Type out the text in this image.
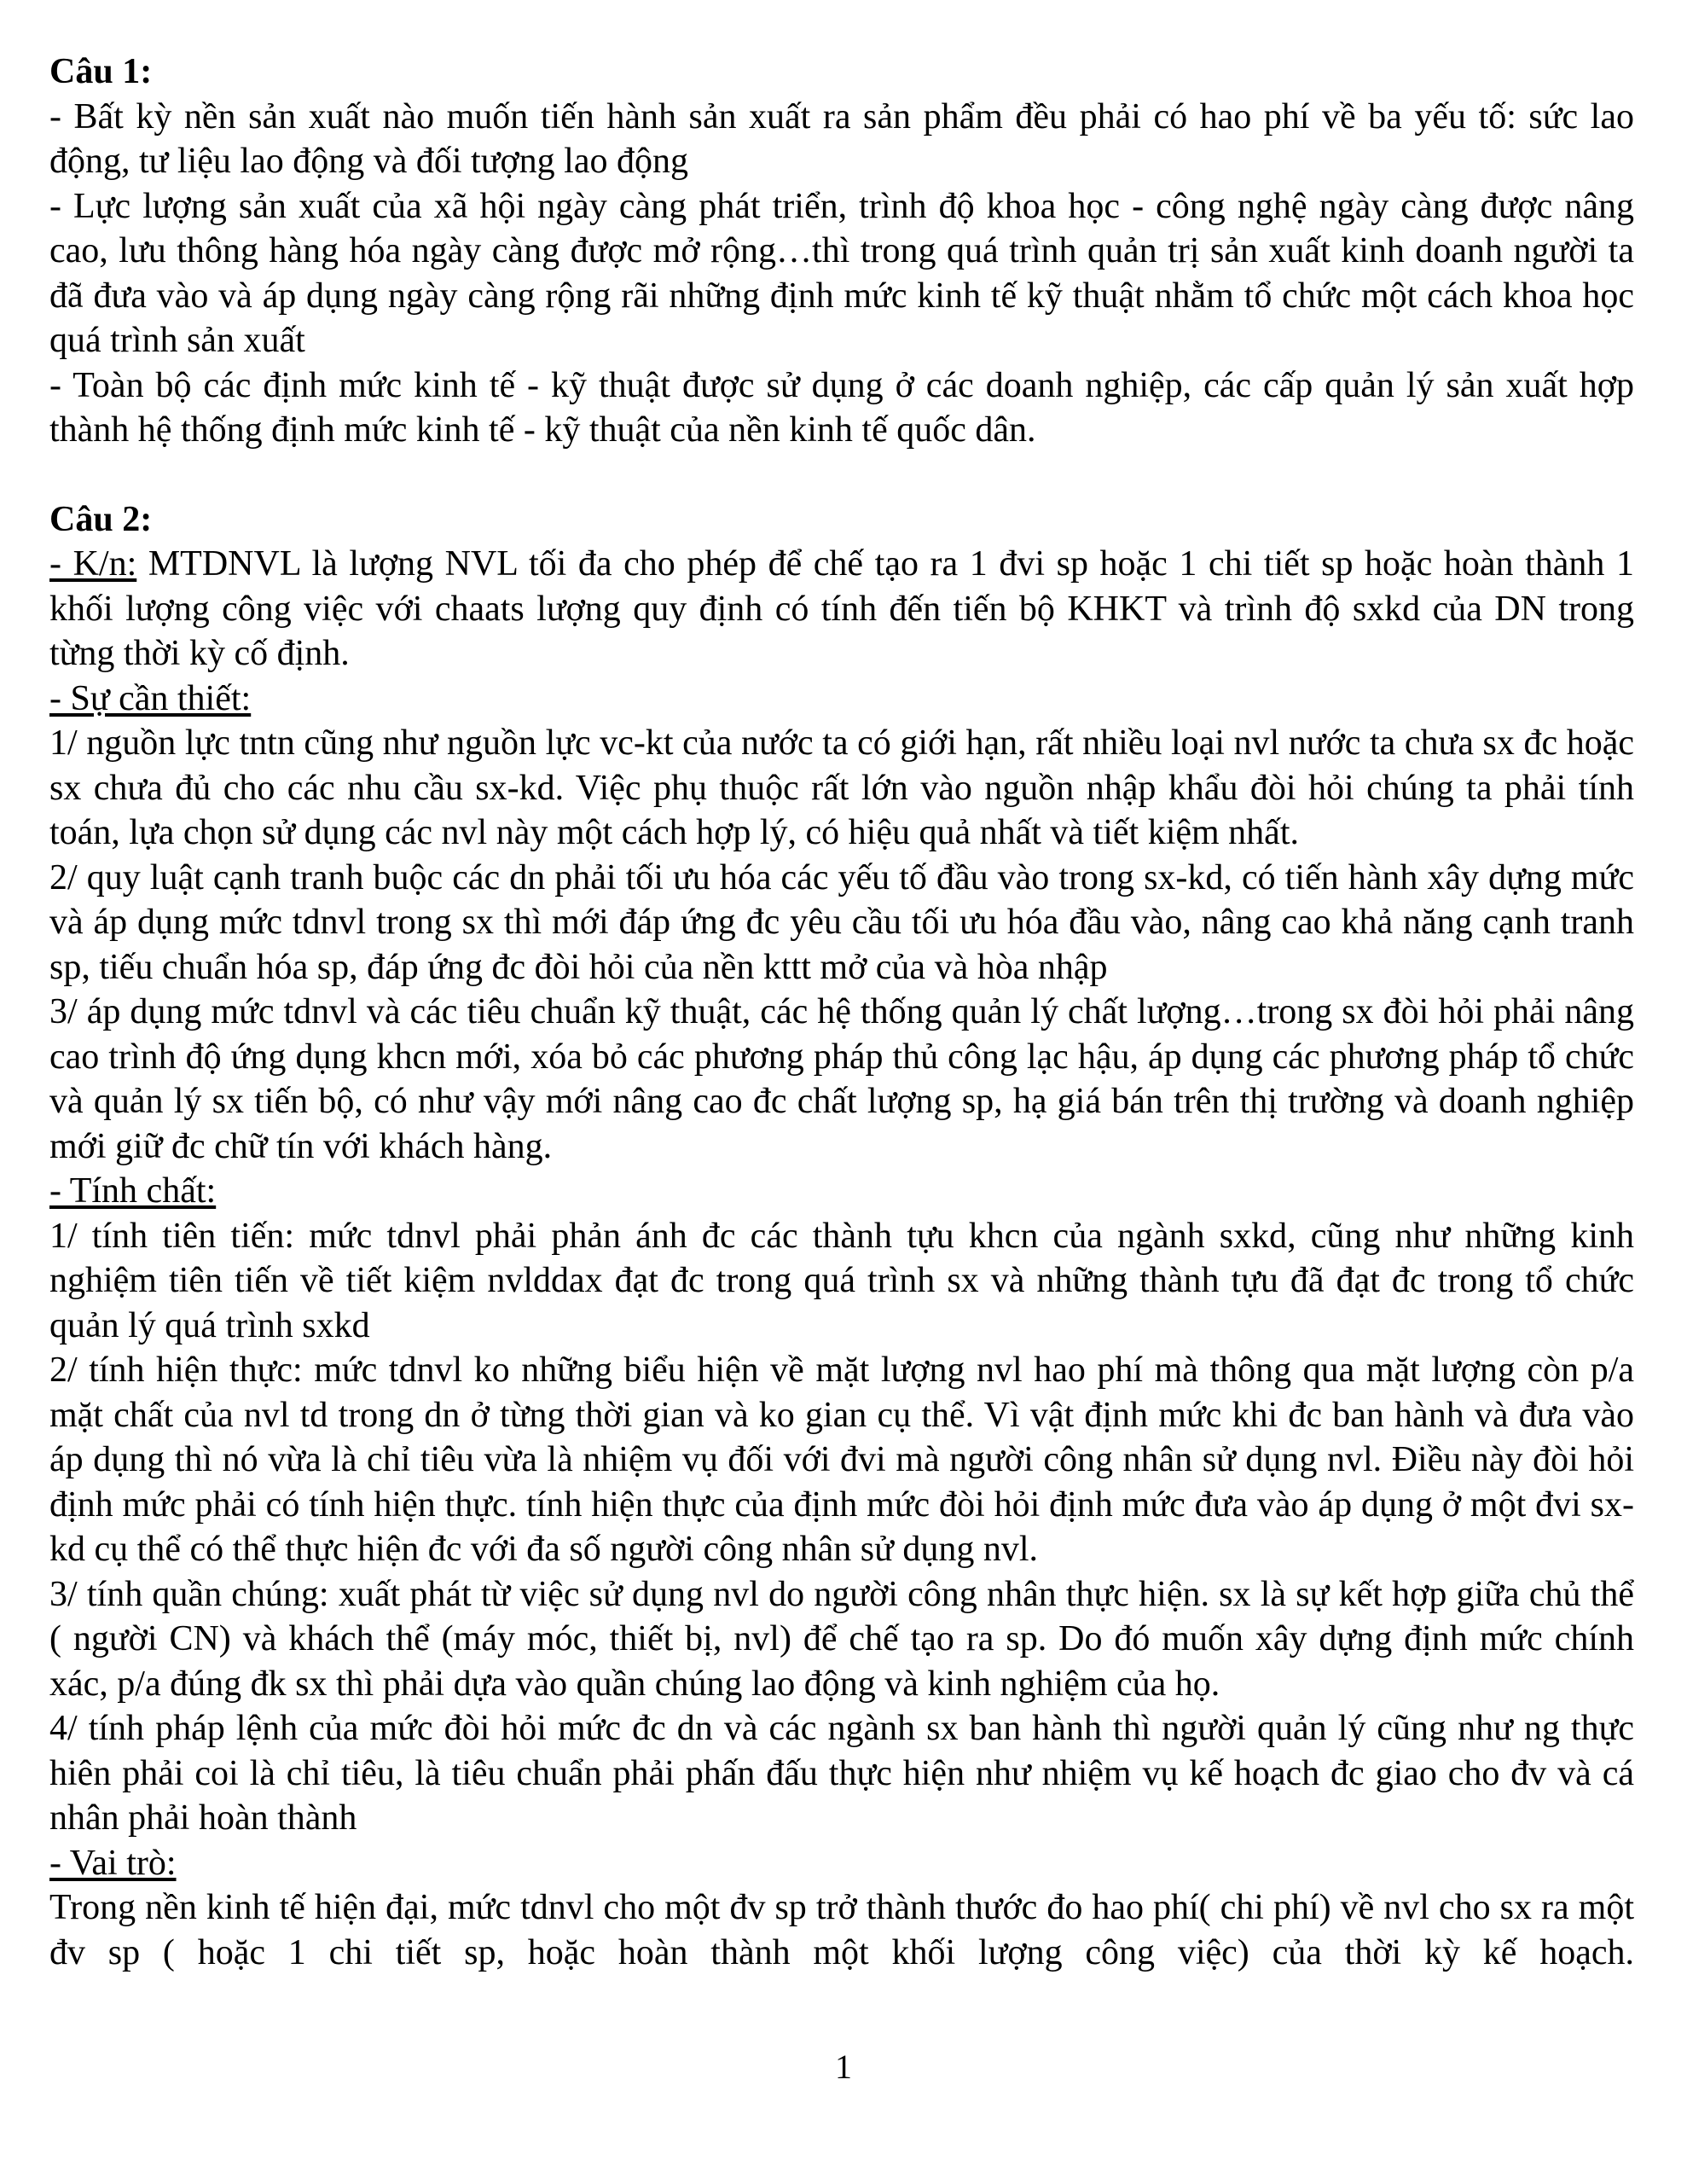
Câu 1:

- Bất kỳ nền sản xuất nào muốn tiến hành sản xuất ra sản phẩm đều phải có hao phí về ba yếu tố: sức lao động, tư liệu lao động và đối tượng lao động

- Lực lượng sản xuất của xã hội ngày càng phát triển, trình độ khoa học - công nghệ ngày càng được nâng cao, lưu thông hàng hóa ngày càng được mở rộng…thì trong quá trình quản trị sản xuất kinh doanh người ta đã đưa vào và áp dụng ngày càng rộng rãi những định mức kinh tế kỹ thuật nhằm tổ chức một cách khoa học quá trình sản xuất

- Toàn bộ các định mức kinh tế - kỹ thuật được sử dụng ở các doanh nghiệp, các cấp quản lý sản xuất hợp thành hệ thống định mức kinh tế - kỹ thuật của nền kinh tế quốc dân.

Câu 2:

- K/n: MTDNVL là lượng NVL tối đa cho phép để chế tạo ra 1 đvi sp hoặc 1 chi tiết sp hoặc hoàn thành 1 khối lượng công việc với chaats lượng quy định có tính đến tiến bộ KHKT và trình độ sxkd của DN trong từng thời kỳ cố định.

- Sự cần thiết:

1/ nguồn lực tntn cũng như nguồn lực vc-kt của nước ta có giới hạn, rất nhiều loại nvl nước ta chưa sx đc hoặc sx chưa đủ cho các nhu cầu sx-kd. Việc phụ thuộc rất lớn vào nguồn nhập khẩu đòi hỏi chúng ta phải tính toán, lựa chọn sử dụng các nvl này một cách hợp lý, có hiệu quả nhất và tiết kiệm nhất.

2/ quy luật cạnh tranh buộc các dn phải tối ưu hóa các yếu tố đầu vào trong sx-kd, có tiến hành xây dựng mức và áp dụng mức tdnvl trong sx thì mới đáp ứng đc yêu cầu tối ưu hóa đầu vào, nâng cao khả năng cạnh tranh sp, tiếu chuẩn hóa sp, đáp ứng đc đòi hỏi của nền kttt mở của và hòa nhập

3/ áp dụng mức tdnvl và các tiêu chuẩn kỹ thuật, các hệ thống quản lý chất lượng…trong sx đòi hỏi phải nâng cao trình độ ứng dụng khcn mới, xóa bỏ các phương pháp thủ công lạc hậu, áp dụng các phương pháp tổ chức và quản lý sx tiến bộ, có như vậy mới nâng cao đc chất lượng sp, hạ giá bán trên thị trường và doanh nghiệp mới giữ đc chữ tín với khách hàng.

- Tính chất:

1/ tính tiên tiến: mức tdnvl phải phản ánh đc các thành tựu khcn của ngành sxkd, cũng như những kinh nghiệm tiên tiến về tiết kiệm nvlddax đạt đc trong quá trình sx và những thành tựu đã đạt đc trong tổ chức quản lý quá trình sxkd

2/ tính hiện thực: mức tdnvl ko những biểu hiện về mặt lượng nvl hao phí mà thông qua mặt lượng còn p/a mặt chất của nvl td trong dn ở từng thời gian và ko gian cụ thể. Vì vật định mức khi đc ban hành và đưa vào áp dụng thì nó vừa là chỉ tiêu vừa là nhiệm vụ đối với đvi mà người công nhân sử dụng nvl. Điều này đòi hỏi định mức phải có tính hiện thực. tính hiện thực của định mức đòi hỏi định mức đưa vào áp dụng ở một đvi sx-kd cụ thể có thể thực hiện đc với đa số người công nhân sử dụng nvl.

3/ tính quần chúng: xuất phát từ việc sử dụng nvl do người công nhân thực hiện. sx là sự kết hợp giữa chủ thể ( người CN) và khách thể (máy móc, thiết bị, nvl) để chế tạo ra sp. Do đó muốn xây dựng định mức chính xác, p/a đúng đk sx thì phải dựa vào quần chúng lao động và kinh nghiệm của họ.

4/ tính pháp lệnh của mức đòi hỏi mức đc dn và các ngành sx ban hành thì người quản lý cũng như ng thực hiên phải coi là chỉ tiêu, là tiêu chuẩn phải phấn đấu thực hiện như nhiệm vụ kế hoạch đc giao cho đv và cá nhân phải hoàn thành

- Vai trò:

Trong nền kinh tế hiện đại, mức tdnvl cho một đv sp trở thành thước đo hao phí( chi phí) về nvl cho sx ra một đv sp ( hoặc 1 chi tiết sp, hoặc hoàn thành một khối lượng công việc) của thời kỳ kế hoạch.

1
